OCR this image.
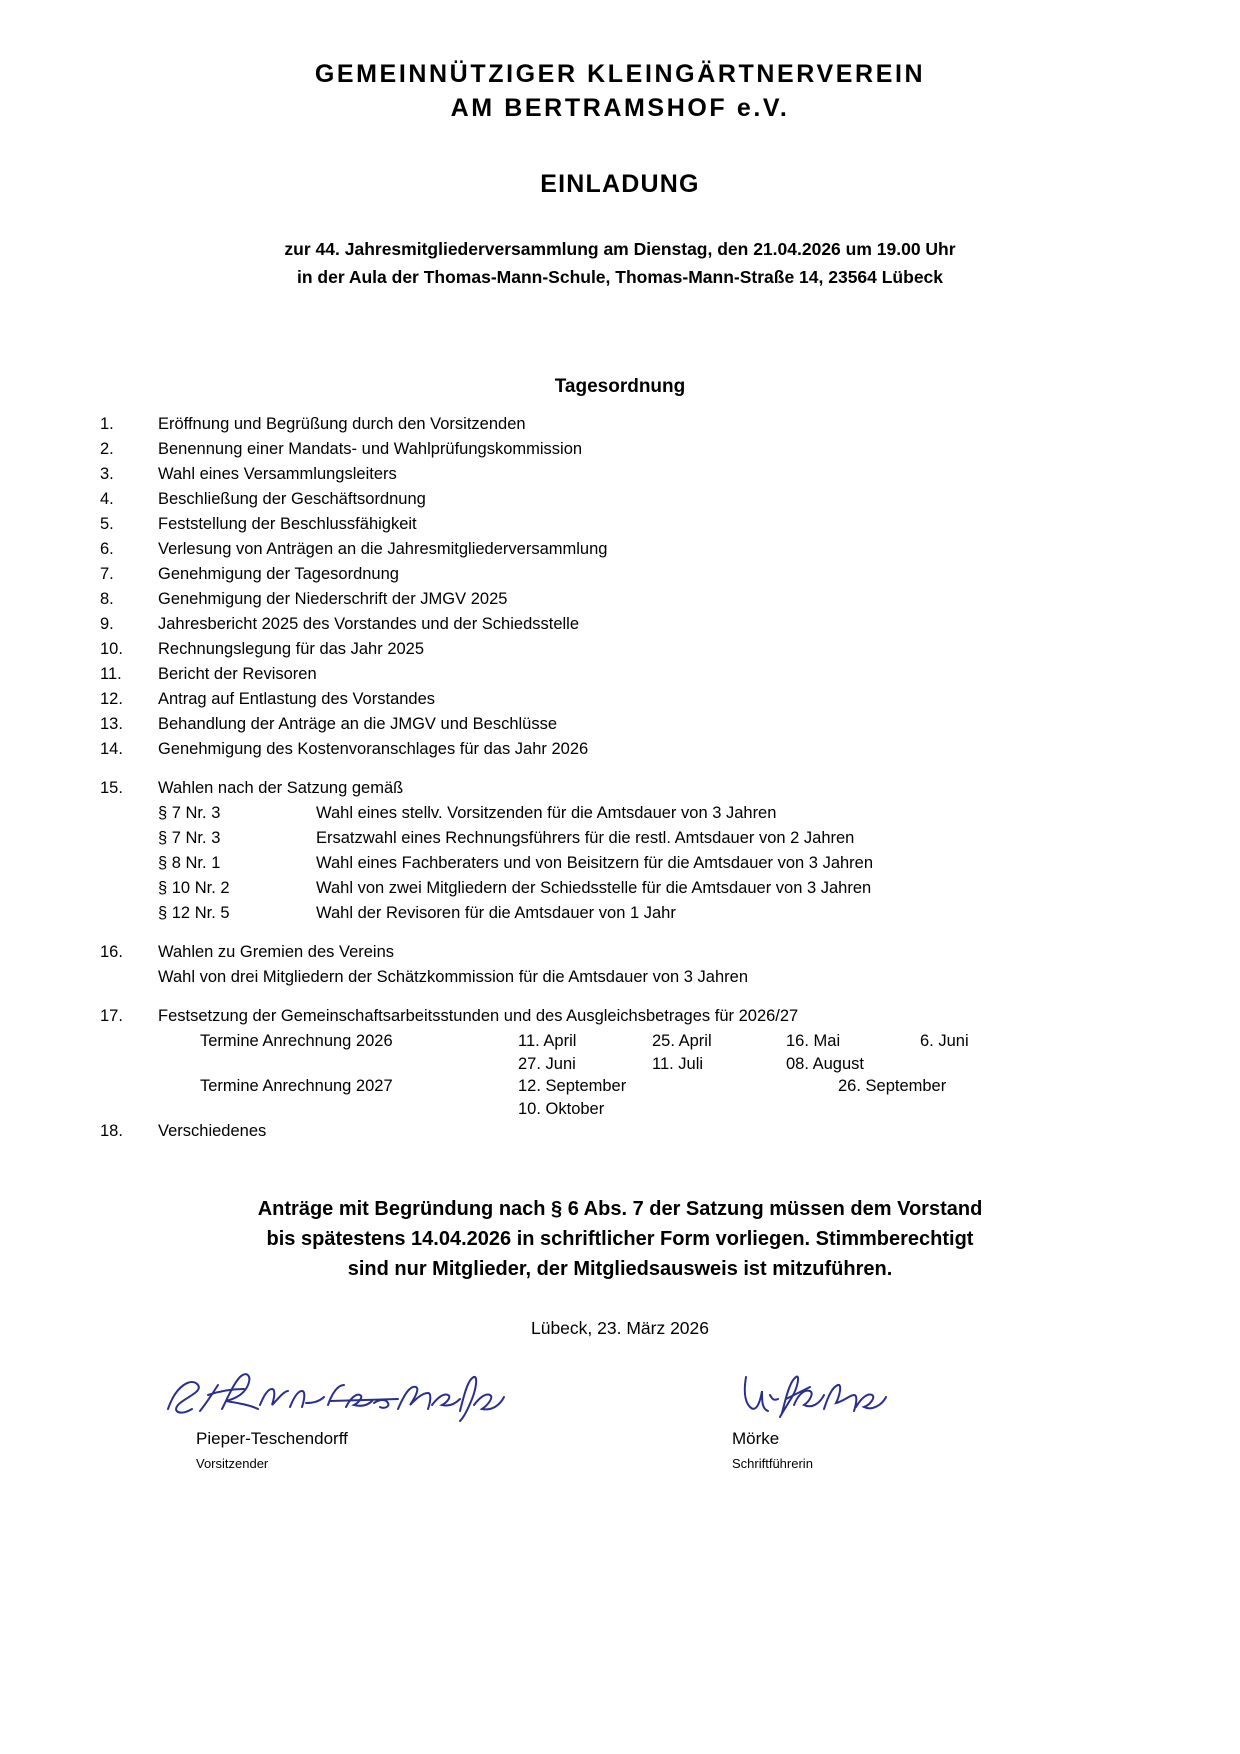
GEMEINNÜTZIGER KLEINGÄRTNERVEREIN
AM BERTRAMSHOF e.V.
EINLADUNG
zur 44. Jahresmitgliederversammlung am Dienstag, den 21.04.2026 um 19.00 Uhr
in der Aula der Thomas-Mann-Schule, Thomas-Mann-Straße 14, 23564 Lübeck
Tagesordnung
1.	Eröffnung und Begrüßung durch den Vorsitzenden
2.	Benennung einer Mandats- und Wahlprüfungskommission
3.	Wahl eines Versammlungsleiters
4.	Beschließung der Geschäftsordnung
5.	Feststellung der Beschlussfähigkeit
6.	Verlesung von Anträgen an die Jahresmitgliederversammlung
7.	Genehmigung der Tagesordnung
8.	Genehmigung der Niederschrift der JMGV 2025
9.	Jahresbericht 2025 des Vorstandes und der Schiedsstelle
10.	Rechnungslegung für das Jahr 2025
11.	Bericht der Revisoren
12.	Antrag auf Entlastung des Vorstandes
13.	Behandlung der Anträge an die JMGV und Beschlüsse
14.	Genehmigung des Kostenvoranschlages für das Jahr 2026
15.	Wahlen nach der Satzung gemäß
§ 7 Nr. 3	Wahl eines stellv. Vorsitzenden für die Amtsdauer von 3 Jahren
§ 7 Nr. 3	Ersatzwahl eines Rechnungsführers für die restl. Amtsdauer von 2 Jahren
§ 8 Nr. 1	Wahl eines Fachberaters und von Beisitzern für die Amtsdauer von 3 Jahren
§ 10 Nr. 2	Wahl von zwei Mitgliedern der Schiedsstelle für die Amtsdauer von 3 Jahren
§ 12 Nr. 5	Wahl der Revisoren für die Amtsdauer von 1 Jahr
16.	Wahlen zu Gremien des Vereins
Wahl von drei Mitgliedern der Schätzkommission für die Amtsdauer von 3 Jahren
17.	Festsetzung der Gemeinschaftsarbeitsstunden und des Ausgleichsbetrages für 2026/27
Termine Anrechnung 2026	11. April	25. April	16. Mai	6. Juni
27. Juni	11. Juli	08. August
Termine Anrechnung 2027	12. September	26. September
10. Oktober
18.	Verschiedenes
Anträge mit Begründung nach § 6 Abs. 7 der Satzung müssen dem Vorstand
bis spätestens 14.04.2026 in schriftlicher Form vorliegen. Stimmberechtigt
sind nur Mitglieder, der Mitgliedsausweis ist mitzuführen.
Lübeck, 23. März 2026
Pieper-Teschendorff
Vorsitzender
Mörke
Schriftführerin
